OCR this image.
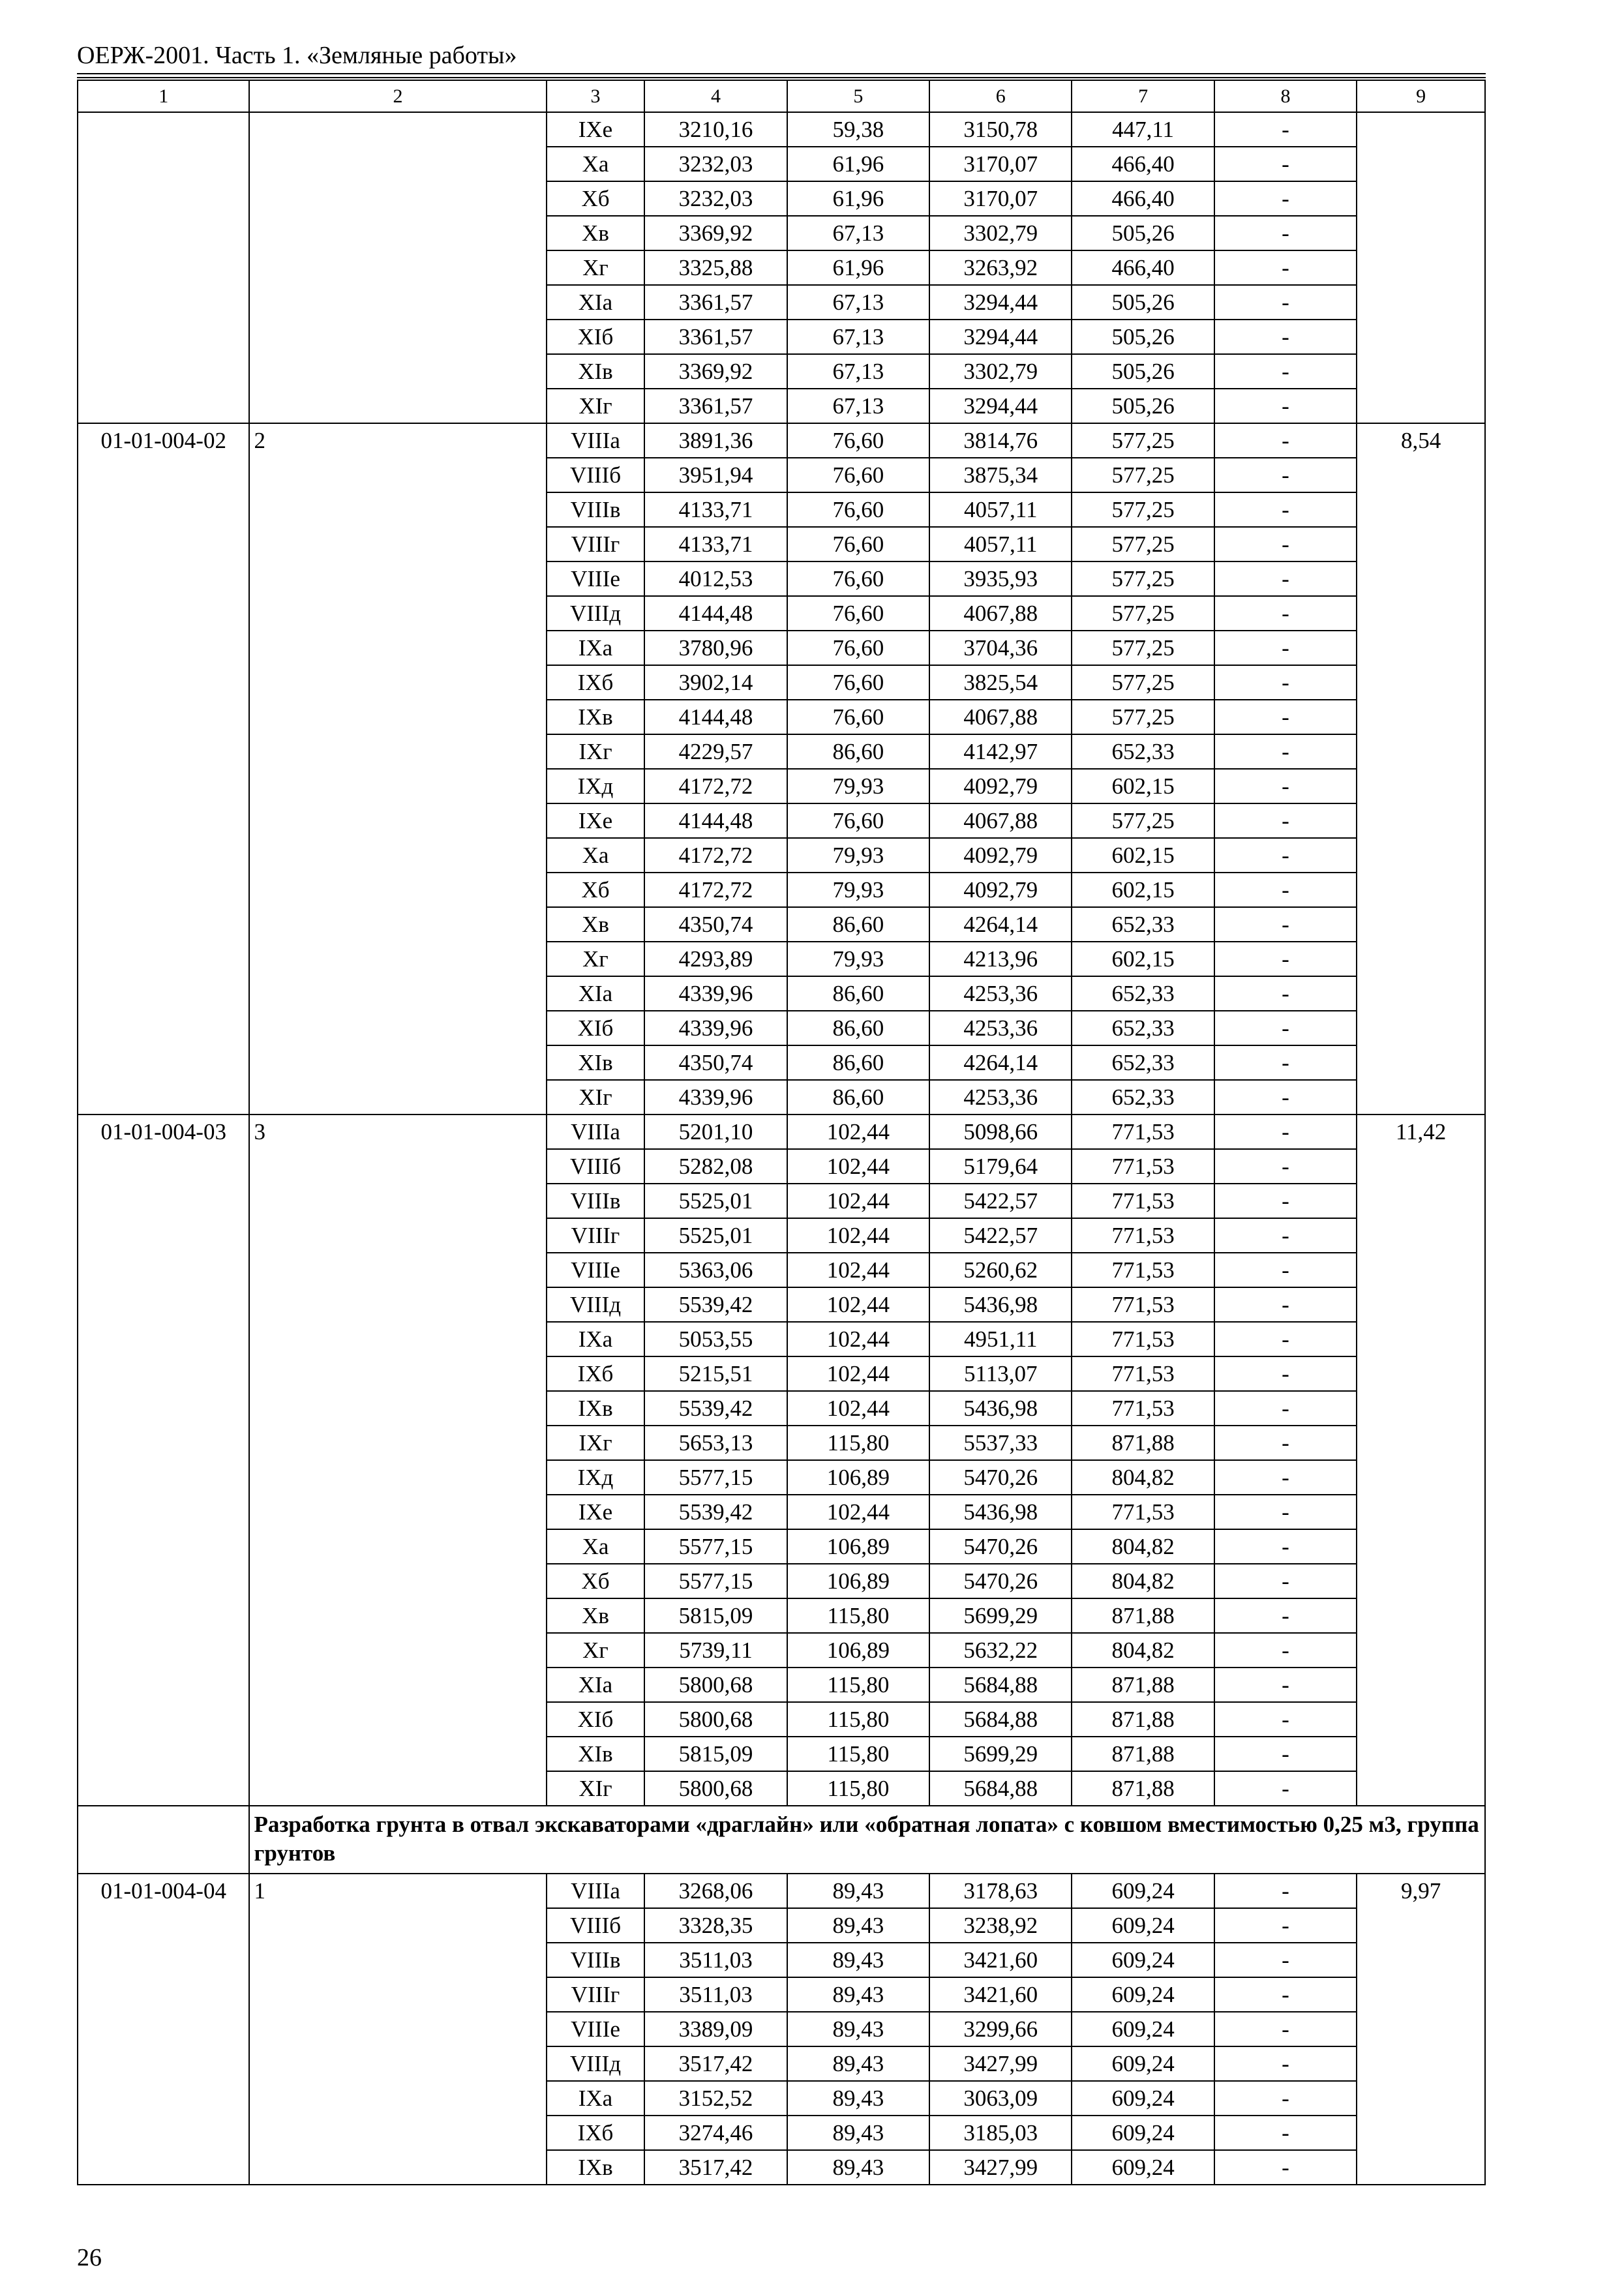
ОЕРЖ-2001. Часть 1. «Земляные работы»
1	2	3	4	5	6	7	8	9
		IXе	3210,16	59,38	3150,78	447,11	-	
		Xа	3232,03	61,96	3170,07	466,40	-	
		Xб	3232,03	61,96	3170,07	466,40	-	
		Xв	3369,92	67,13	3302,79	505,26	-	
		Xг	3325,88	61,96	3263,92	466,40	-	
		XIа	3361,57	67,13	3294,44	505,26	-	
		XIб	3361,57	67,13	3294,44	505,26	-	
		XIв	3369,92	67,13	3302,79	505,26	-	
		XIг	3361,57	67,13	3294,44	505,26	-	
01-01-004-02	2	VIIIа	3891,36	76,60	3814,76	577,25	-	8,54
		VIIIб	3951,94	76,60	3875,34	577,25	-	
		VIIIв	4133,71	76,60	4057,11	577,25	-	
		VIIIг	4133,71	76,60	4057,11	577,25	-	
		VIIIе	4012,53	76,60	3935,93	577,25	-	
		VIIIд	4144,48	76,60	4067,88	577,25	-	
		IXа	3780,96	76,60	3704,36	577,25	-	
		IXб	3902,14	76,60	3825,54	577,25	-	
		IXв	4144,48	76,60	4067,88	577,25	-	
		IXг	4229,57	86,60	4142,97	652,33	-	
		IXд	4172,72	79,93	4092,79	602,15	-	
		IXе	4144,48	76,60	4067,88	577,25	-	
		Xа	4172,72	79,93	4092,79	602,15	-	
		Xб	4172,72	79,93	4092,79	602,15	-	
		Xв	4350,74	86,60	4264,14	652,33	-	
		Xг	4293,89	79,93	4213,96	602,15	-	
		XIа	4339,96	86,60	4253,36	652,33	-	
		XIб	4339,96	86,60	4253,36	652,33	-	
		XIв	4350,74	86,60	4264,14	652,33	-	
		XIг	4339,96	86,60	4253,36	652,33	-	
01-01-004-03	3	VIIIа	5201,10	102,44	5098,66	771,53	-	11,42
		VIIIб	5282,08	102,44	5179,64	771,53	-	
		VIIIв	5525,01	102,44	5422,57	771,53	-	
		VIIIг	5525,01	102,44	5422,57	771,53	-	
		VIIIе	5363,06	102,44	5260,62	771,53	-	
		VIIIд	5539,42	102,44	5436,98	771,53	-	
		IXа	5053,55	102,44	4951,11	771,53	-	
		IXб	5215,51	102,44	5113,07	771,53	-	
		IXв	5539,42	102,44	5436,98	771,53	-	
		IXг	5653,13	115,80	5537,33	871,88	-	
		IXд	5577,15	106,89	5470,26	804,82	-	
		IXе	5539,42	102,44	5436,98	771,53	-	
		Xа	5577,15	106,89	5470,26	804,82	-	
		Xб	5577,15	106,89	5470,26	804,82	-	
		Xв	5815,09	115,80	5699,29	871,88	-	
		Xг	5739,11	106,89	5632,22	804,82	-	
		XIа	5800,68	115,80	5684,88	871,88	-	
		XIб	5800,68	115,80	5684,88	871,88	-	
		XIв	5815,09	115,80	5699,29	871,88	-	
		XIг	5800,68	115,80	5684,88	871,88	-	
	Разработка грунта в отвал экскаваторами «драглайн» или «обратная лопата» с ковшом вместимостью 0,25 м3, группа грунтов							
01-01-004-04	1	VIIIа	3268,06	89,43	3178,63	609,24	-	9,97
		VIIIб	3328,35	89,43	3238,92	609,24	-	
		VIIIв	3511,03	89,43	3421,60	609,24	-	
		VIIIг	3511,03	89,43	3421,60	609,24	-	
		VIIIе	3389,09	89,43	3299,66	609,24	-	
		VIIIд	3517,42	89,43	3427,99	609,24	-	
		IXа	3152,52	89,43	3063,09	609,24	-	
		IXб	3274,46	89,43	3185,03	609,24	-	
		IXв	3517,42	89,43	3427,99	609,24	-	
26
